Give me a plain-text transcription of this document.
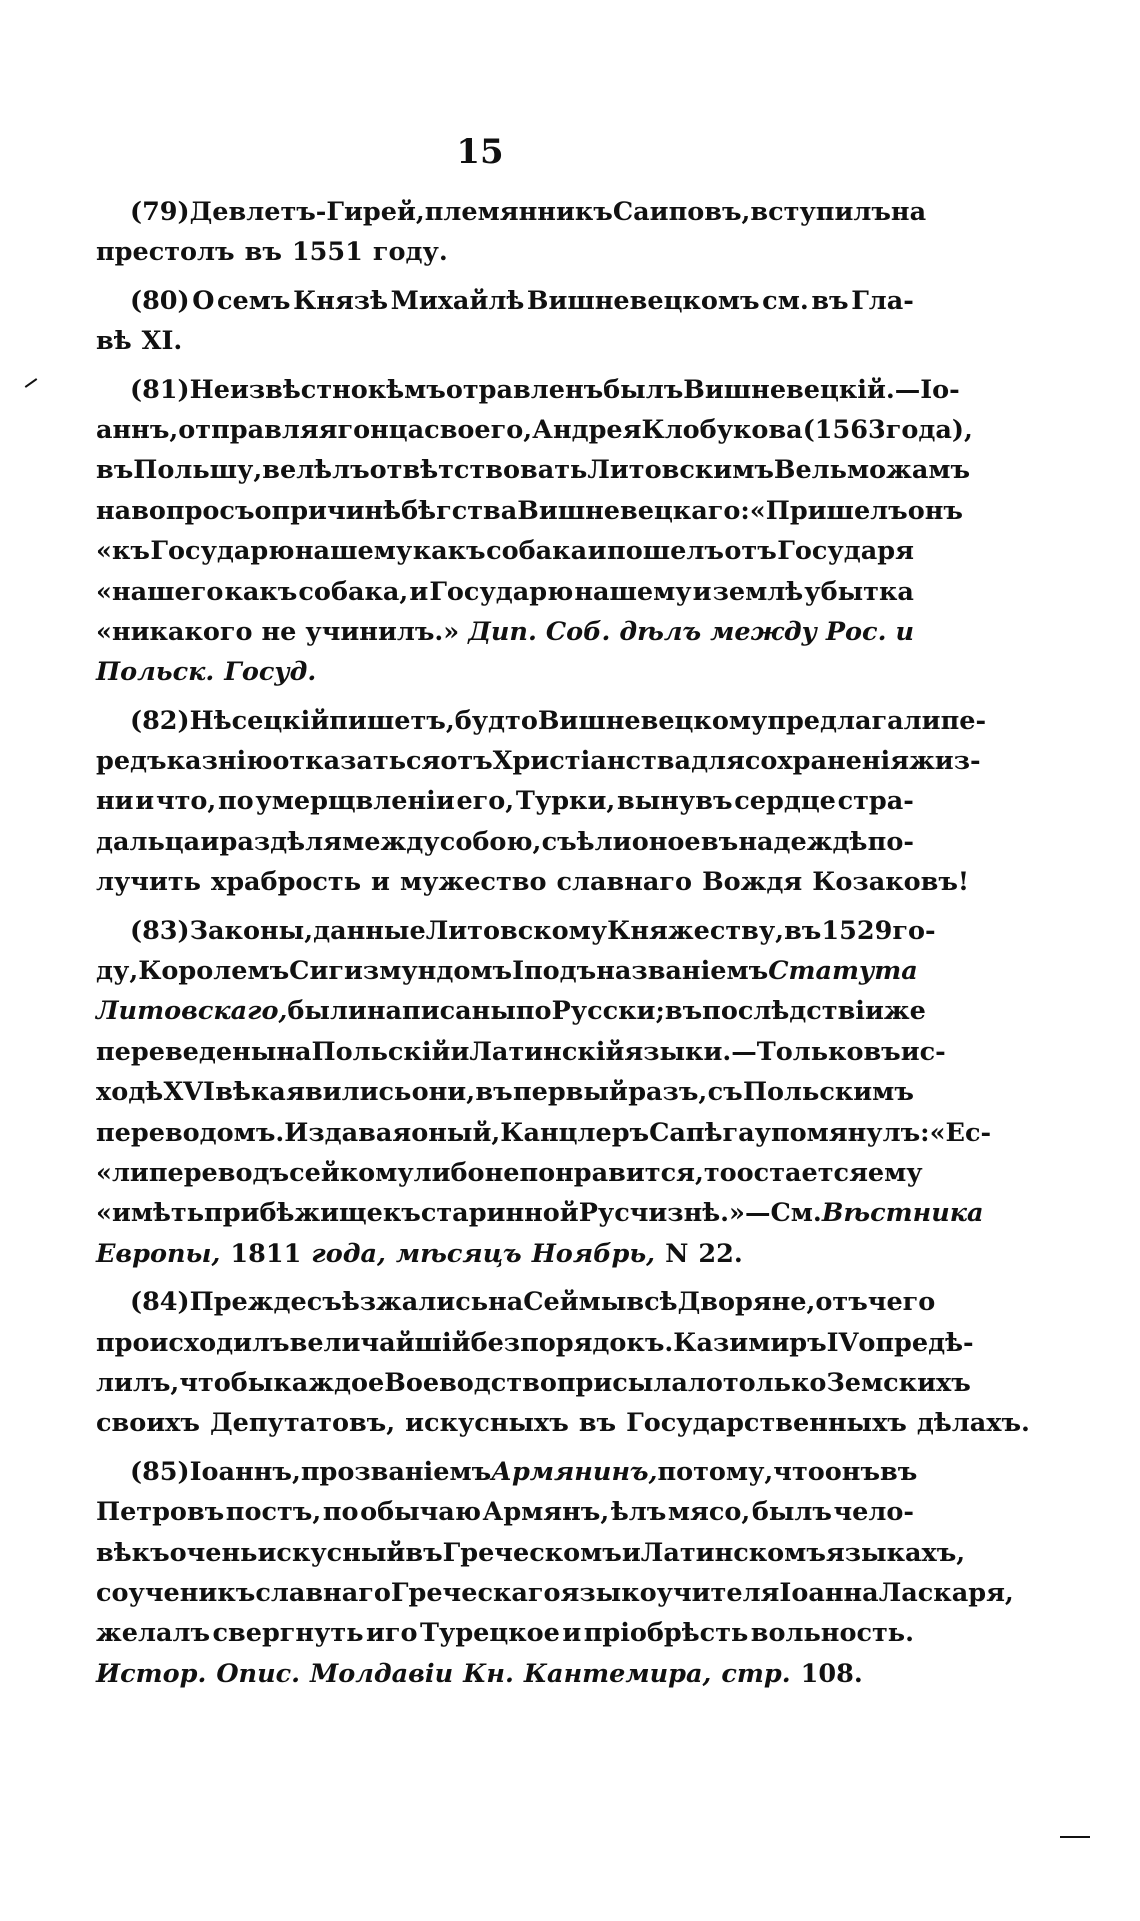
15
(79) Девлетъ-Гирей, племянникъ Саиповъ, вступилъ на
престолъ въ 1551 году.
(80) О семъ Князѣ Михайлѣ Вишневецкомъ см. въ Гла-
вѣ XI.
(81) Не извѣстно кѣмъ отравленъ былъ Вишневецкій.—Іо-
аннъ, отправляя гонца своего, Андрея Клобукова (1563 года),
въ Польшу, велѣлъ отвѣтствовать Литовскимъ Вельможамъ
на вопросъ о причинѣ бѣгства Вишневецкаго: «Пришелъ онъ
«къ Государю нашему какъ собака и пошелъ отъ Государя
«нашего какъ собака, и Государю нашему и землѣ убытка
«никакого не учинилъ.» Дип. Соб. дѣлъ между Рос. и
Польск. Госуд.
(82) Нѣсецкій пишетъ, будто Вишневецкому предлагали пе-
редъ казнію отказаться отъ Христіанства для сохраненія жиз-
ни и что, по умерщвленіи его, Турки, вынувъ сердце стра-
дальца и раздѣля между собою, съѣли оное въ надеждѣ по-
лучить храбрость и мужество славнаго Вождя Козаковъ!
(83) Законы, данные Литовскому Княжеству, въ 1529 го-
ду, Королемъ Сигизмундомъ I подъ названіемъ Статута
Литовскаго, были написаны по Русски; въ послѣдствіи же
переведены на Польскій и Латинскій языки.—Только въ ис-
ходѣ XVI вѣка явились они, въ первый разъ, съ Польскимъ
переводомъ. Издавая оный, Канцлеръ Сапѣга упомянулъ: «Ес-
«ли переводъ сей кому либо не понравится, то остается ему
«имѣть прибѣжище къ старинной Русчизнѣ.»—См. Вѣстника
Европы, 1811 года, мѣсяцъ Ноябрь, N 22.
(84) Прежде съѣзжались на Сеймы всѣ Дворяне, отъ чего
происходилъ величайшій безпорядокъ. Казимиръ IV опредѣ-
лилъ, чтобы каждое Воеводство присылало только Земскихъ
своихъ Депутатовъ, искусныхъ въ Государственныхъ дѣлахъ.
(85) Іоаннъ, прозваніемъ Армянинъ, потому, что онъ въ
Петровъ постъ, по обычаю Армянъ, ѣлъ мясо, былъ чело-
вѣкъ очень искусный въ Греческомъ и Латинскомъ языкахъ,
соученикъ славнаго Греческаго языкоучителя Іоанна Ласкаря,
желалъ свергнуть иго Турецкое и пріобрѣсть вольность.
Истор. Опис. Молдавіи Кн. Кантемира, стр. 108.
